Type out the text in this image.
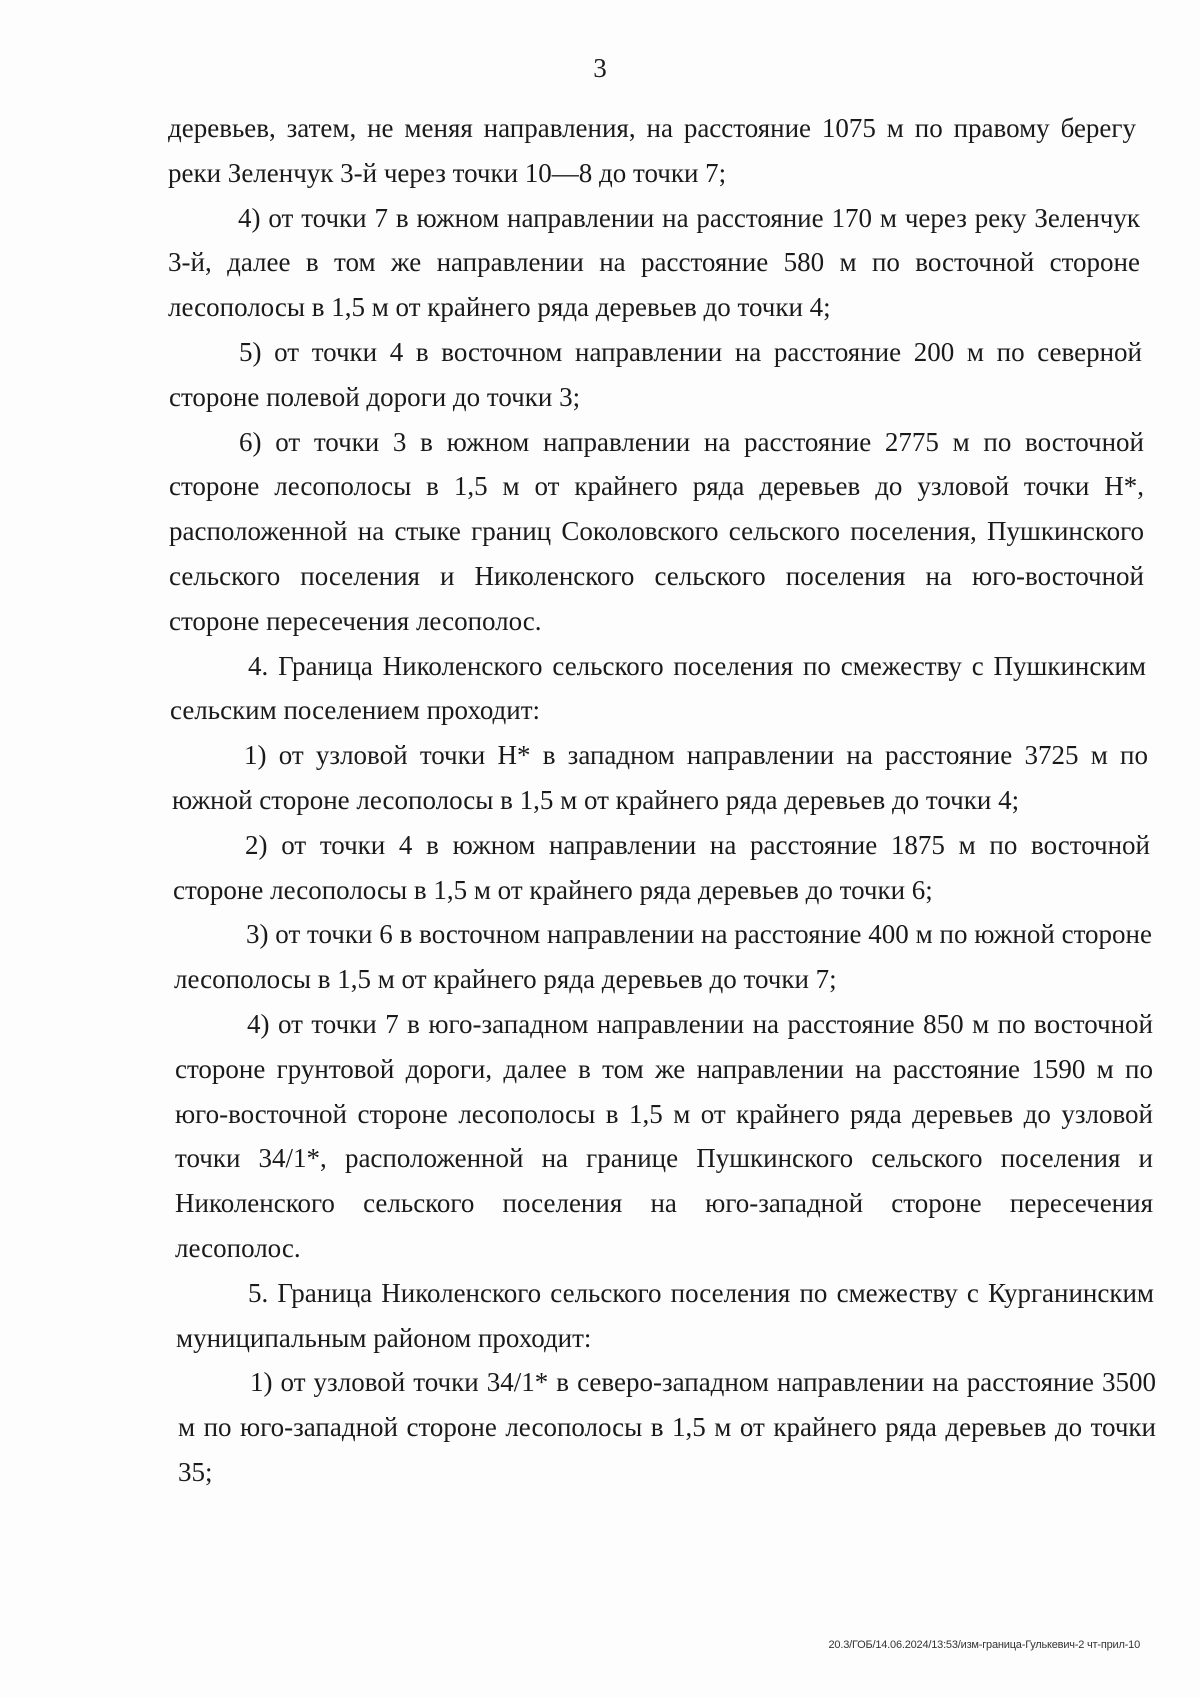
3

деревьев, затем, не меняя направления, на расстояние 1075 м по правому берегу реки Зеленчук 3-й через точки 10—8 до точки 7;

4) от точки 7 в южном направлении на расстояние 170 м через реку Зеленчук 3-й, далее в том же направлении на расстояние 580 м по восточной стороне лесополосы в 1,5 м от крайнего ряда деревьев до точки 4;

5) от точки 4 в восточном направлении на расстояние 200 м по северной стороне полевой дороги до точки 3;

6) от точки 3 в южном направлении на расстояние 2775 м по восточной стороне лесополосы в 1,5 м от крайнего ряда деревьев до узловой точки Н*, расположенной на стыке границ Соколовского сельского поселения, Пушкинского сельского поселения и Николенского сельского поселения на юго-восточной стороне пересечения лесополос.

4. Граница Николенского сельского поселения по смежеству с Пушкинским сельским поселением проходит:

1) от узловой точки Н* в западном направлении на расстояние 3725 м по южной стороне лесополосы в 1,5 м от крайнего ряда деревьев до точки 4;

2) от точки 4 в южном направлении на расстояние 1875 м по восточной стороне лесополосы в 1,5 м от крайнего ряда деревьев до точки 6;

3) от точки 6 в восточном направлении на расстояние 400 м по южной стороне лесополосы в 1,5 м от крайнего ряда деревьев до точки 7;

4) от точки 7 в юго-западном направлении на расстояние 850 м по восточной стороне грунтовой дороги, далее в том же направлении на расстояние 1590 м по юго-восточной стороне лесополосы в 1,5 м от крайнего ряда деревьев до узловой точки 34/1*, расположенной на границе Пушкинского сельского поселения и Николенского сельского поселения на юго-западной стороне пересечения лесополос.

5. Граница Николенского сельского поселения по смежеству с Курганинским муниципальным районом проходит:

1) от узловой точки 34/1* в северо-западном направлении на расстояние 3500 м по юго-западной стороне лесополосы в 1,5 м от крайнего ряда деревьев до точки 35;

20.3/ГОБ/14.06.2024/13:53/изм-граница-Гулькевич-2 чт-прил-10
